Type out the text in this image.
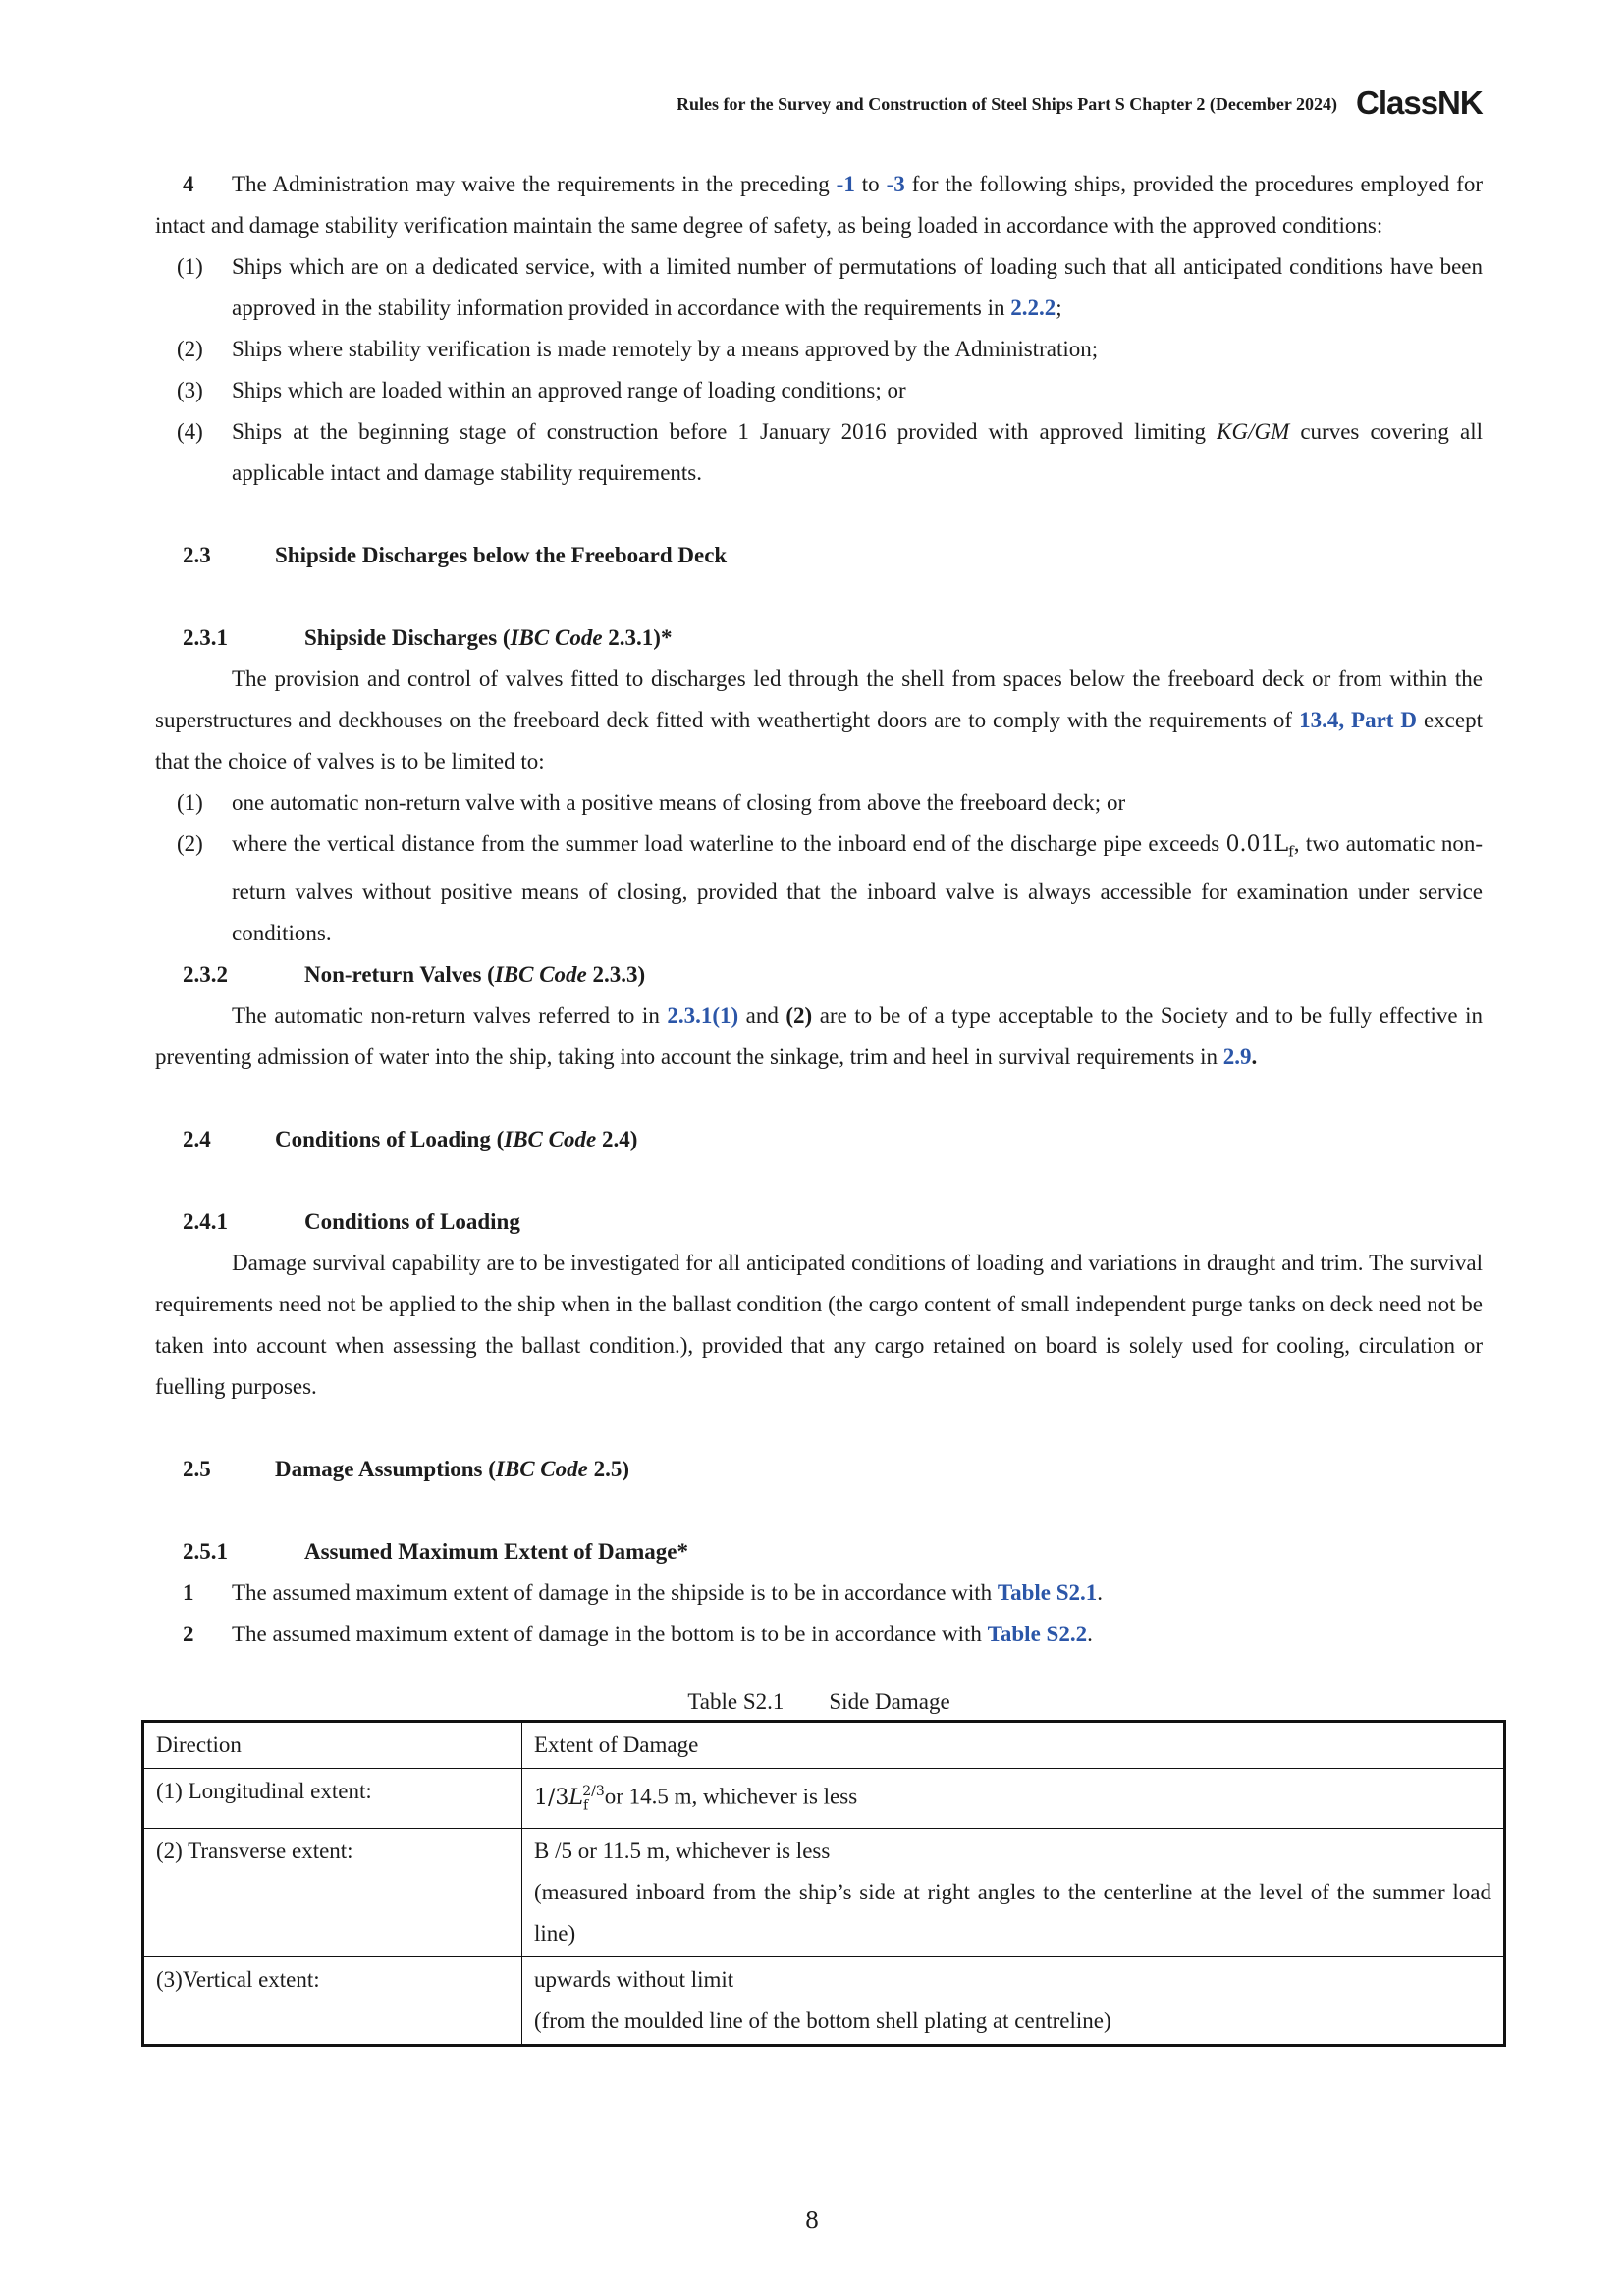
Rules for the Survey and Construction of Steel Ships Part S Chapter 2 (December 2024) ClassNK

4 The Administration may waive the requirements in the preceding -1 to -3 for the following ships, provided the procedures employed for intact and damage stability verification maintain the same degree of safety, as being loaded in accordance with the approved conditions:

(1) Ships which are on a dedicated service, with a limited number of permutations of loading such that all anticipated conditions have been approved in the stability information provided in accordance with the requirements in 2.2.2;

(2) Ships where stability verification is made remotely by a means approved by the Administration;

(3) Ships which are loaded within an approved range of loading conditions; or

(4) Ships at the beginning stage of construction before 1 January 2016 provided with approved limiting KG/GM curves covering all applicable intact and damage stability requirements.

2.3	Shipside Discharges below the Freeboard Deck

2.3.1	Shipside Discharges (IBC Code 2.3.1)*

The provision and control of valves fitted to discharges led through the shell from spaces below the freeboard deck or from within the superstructures and deckhouses on the freeboard deck fitted with weathertight doors are to comply with the requirements of 13.4, Part D except that the choice of valves is to be limited to:

(1) one automatic non-return valve with a positive means of closing from above the freeboard deck; or

(2) where the vertical distance from the summer load waterline to the inboard end of the discharge pipe exceeds $0.01L_f$, two automatic non-return valves without positive means of closing, provided that the inboard valve is always accessible for examination under service conditions.

2.3.2	Non-return Valves (IBC Code 2.3.3)

The automatic non-return valves referred to in 2.3.1(1) and (2) are to be of a type acceptable to the Society and to be fully effective in preventing admission of water into the ship, taking into account the sinkage, trim and heel in survival requirements in 2.9.

2.4	Conditions of Loading (IBC Code 2.4)

2.4.1	Conditions of Loading

Damage survival capability are to be investigated for all anticipated conditions of loading and variations in draught and trim. The survival requirements need not be applied to the ship when in the ballast condition (the cargo content of small independent purge tanks on deck need not be taken into account when assessing the ballast condition.), provided that any cargo retained on board is solely used for cooling, circulation or fuelling purposes.

2.5	Damage Assumptions (IBC Code 2.5)

2.5.1	Assumed Maximum Extent of Damage*

1 The assumed maximum extent of damage in the shipside is to be in accordance with Table S2.1.

2 The assumed maximum extent of damage in the bottom is to be in accordance with Table S2.2.

Table S2.1 Side Damage

Direction	Extent of Damage
(1) Longitudinal extent:	$1/3L_f^{2/3}or$ 14.5 m, whichever is less
(2) Transverse extent:	B /5 or 11.5 m, whichever is less
(measured inboard from the ship’s side at right angles to the centerline at the level of the summer load line)

(3)Vertical extent:	upwards without limit
(from the moulded line of the bottom shell plating at centreline)
8
